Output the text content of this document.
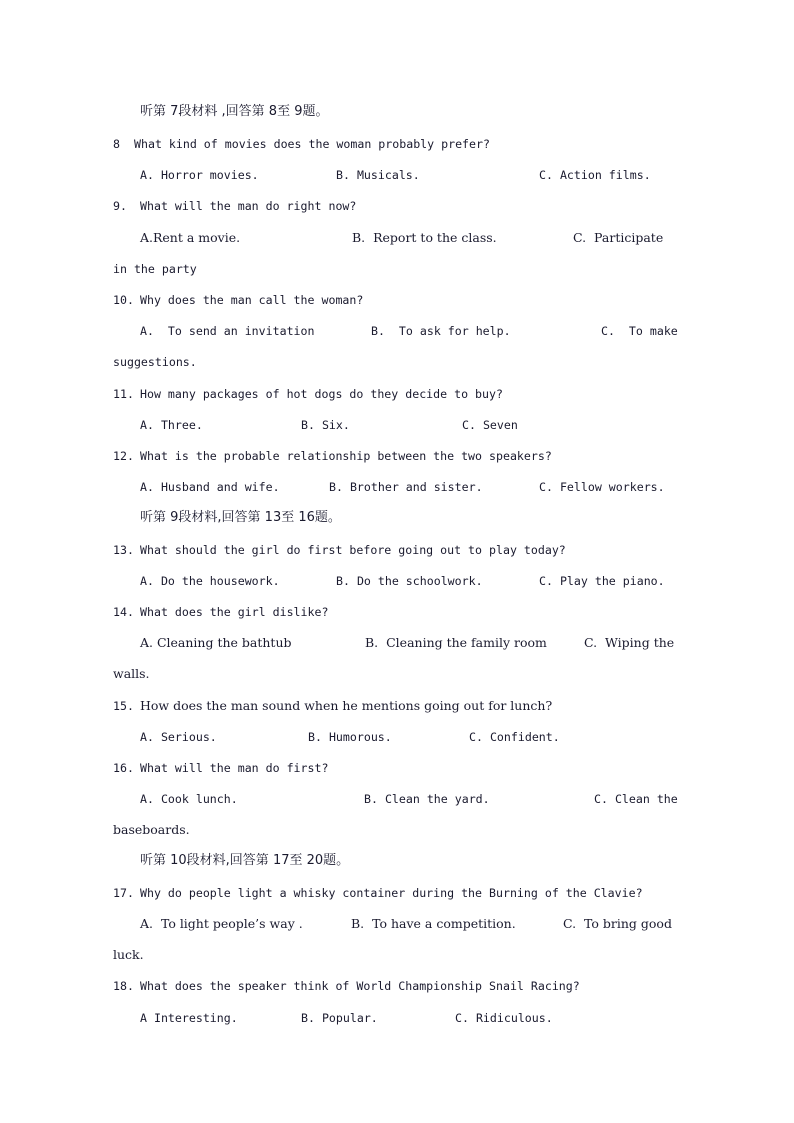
听第 7段材料 ,回答第 8至 9题。
8 What kind of movies does the woman probably prefer?
A. Horror movies.	B. Musicals.	C. Action films.
9. What will the man do right now?
A.Rent a movie.	B.  Report to the class.	C.  Participate
in the party
10. Why does the man call the woman?
A.  To send an invitation	B.  To ask for help.	C.  To make
suggestions.
11. How many packages of hot dogs do they decide to buy?
A. Three.	B. Six.	C. Seven
12. What is the probable relationship between the two speakers?
A. Husband and wife.	B. Brother and sister.	C. Fellow workers.
听第 9段材料,回答第 13至 16题。
13. What should the girl do first before going out to play today?
A. Do the housework.	B. Do the schoolwork.	C. Play the piano.
14. What does the girl dislike?
A. Cleaning the bathtub	B.  Cleaning the family room	C.  Wiping the
walls.
15. How does the man sound when he mentions going out for lunch?
A. Serious.	B. Humorous.	C. Confident.
16. What will the man do first?
A. Cook lunch.	B. Clean the yard.	C. Clean the
baseboards.
听第 10段材料,回答第 17至 20题。
17. Why do people light a whisky container during the Burning of the Clavie?
A.  To light people’s way .	B.  To have a competition.	C.  To bring good
luck.
18. What does the speaker think of World Championship Snail Racing?
A Interesting.	B. Popular.	C. Ridiculous.
